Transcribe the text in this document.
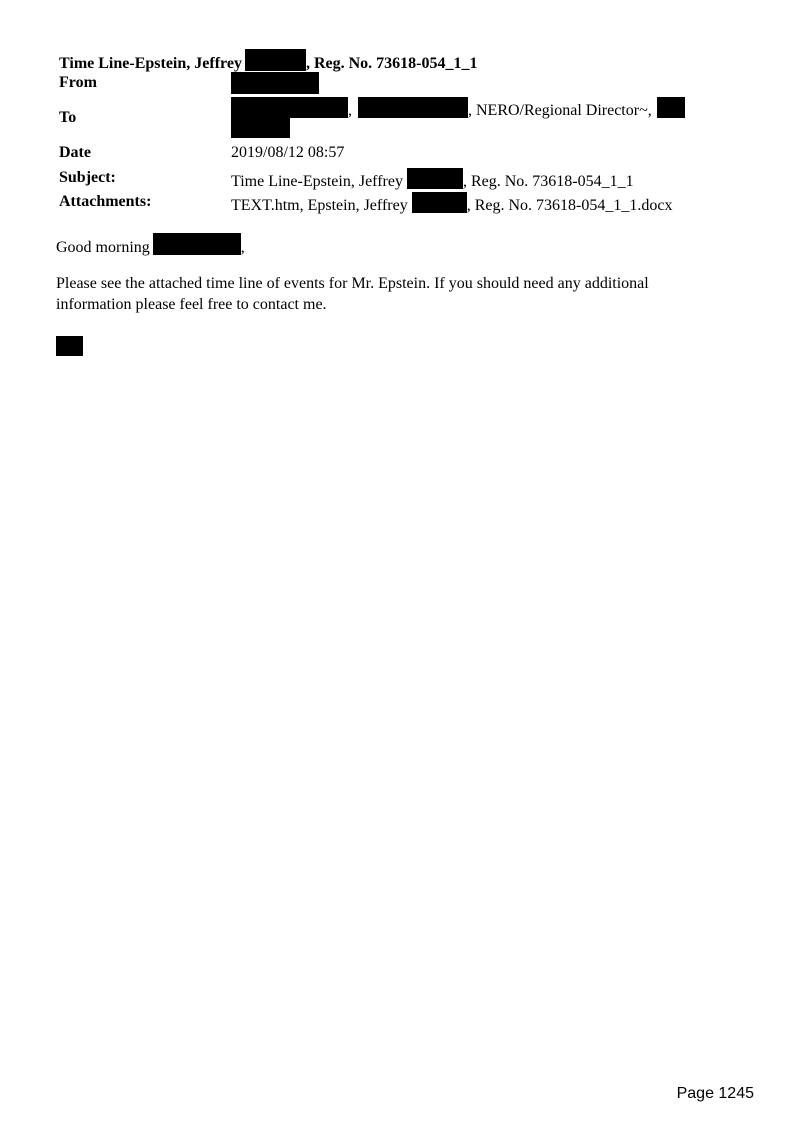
Time Line-Epstein, Jeffrey	, Reg. No. 73618-054_1_1
From
To	,	, NERO/Regional Director~,
Date	2019/08/12 08:57
Subject:	Time Line-Epstein, Jeffrey	, Reg. No. 73618-054_1_1
Attachments:	TEXT.htm, Epstein, Jeffrey	, Reg. No. 73618-054_1_1.docx
Good morning	,
Please see the attached time line of events for Mr. Epstein. If you should need any additional
information please feel free to contact me.
Page 1245
